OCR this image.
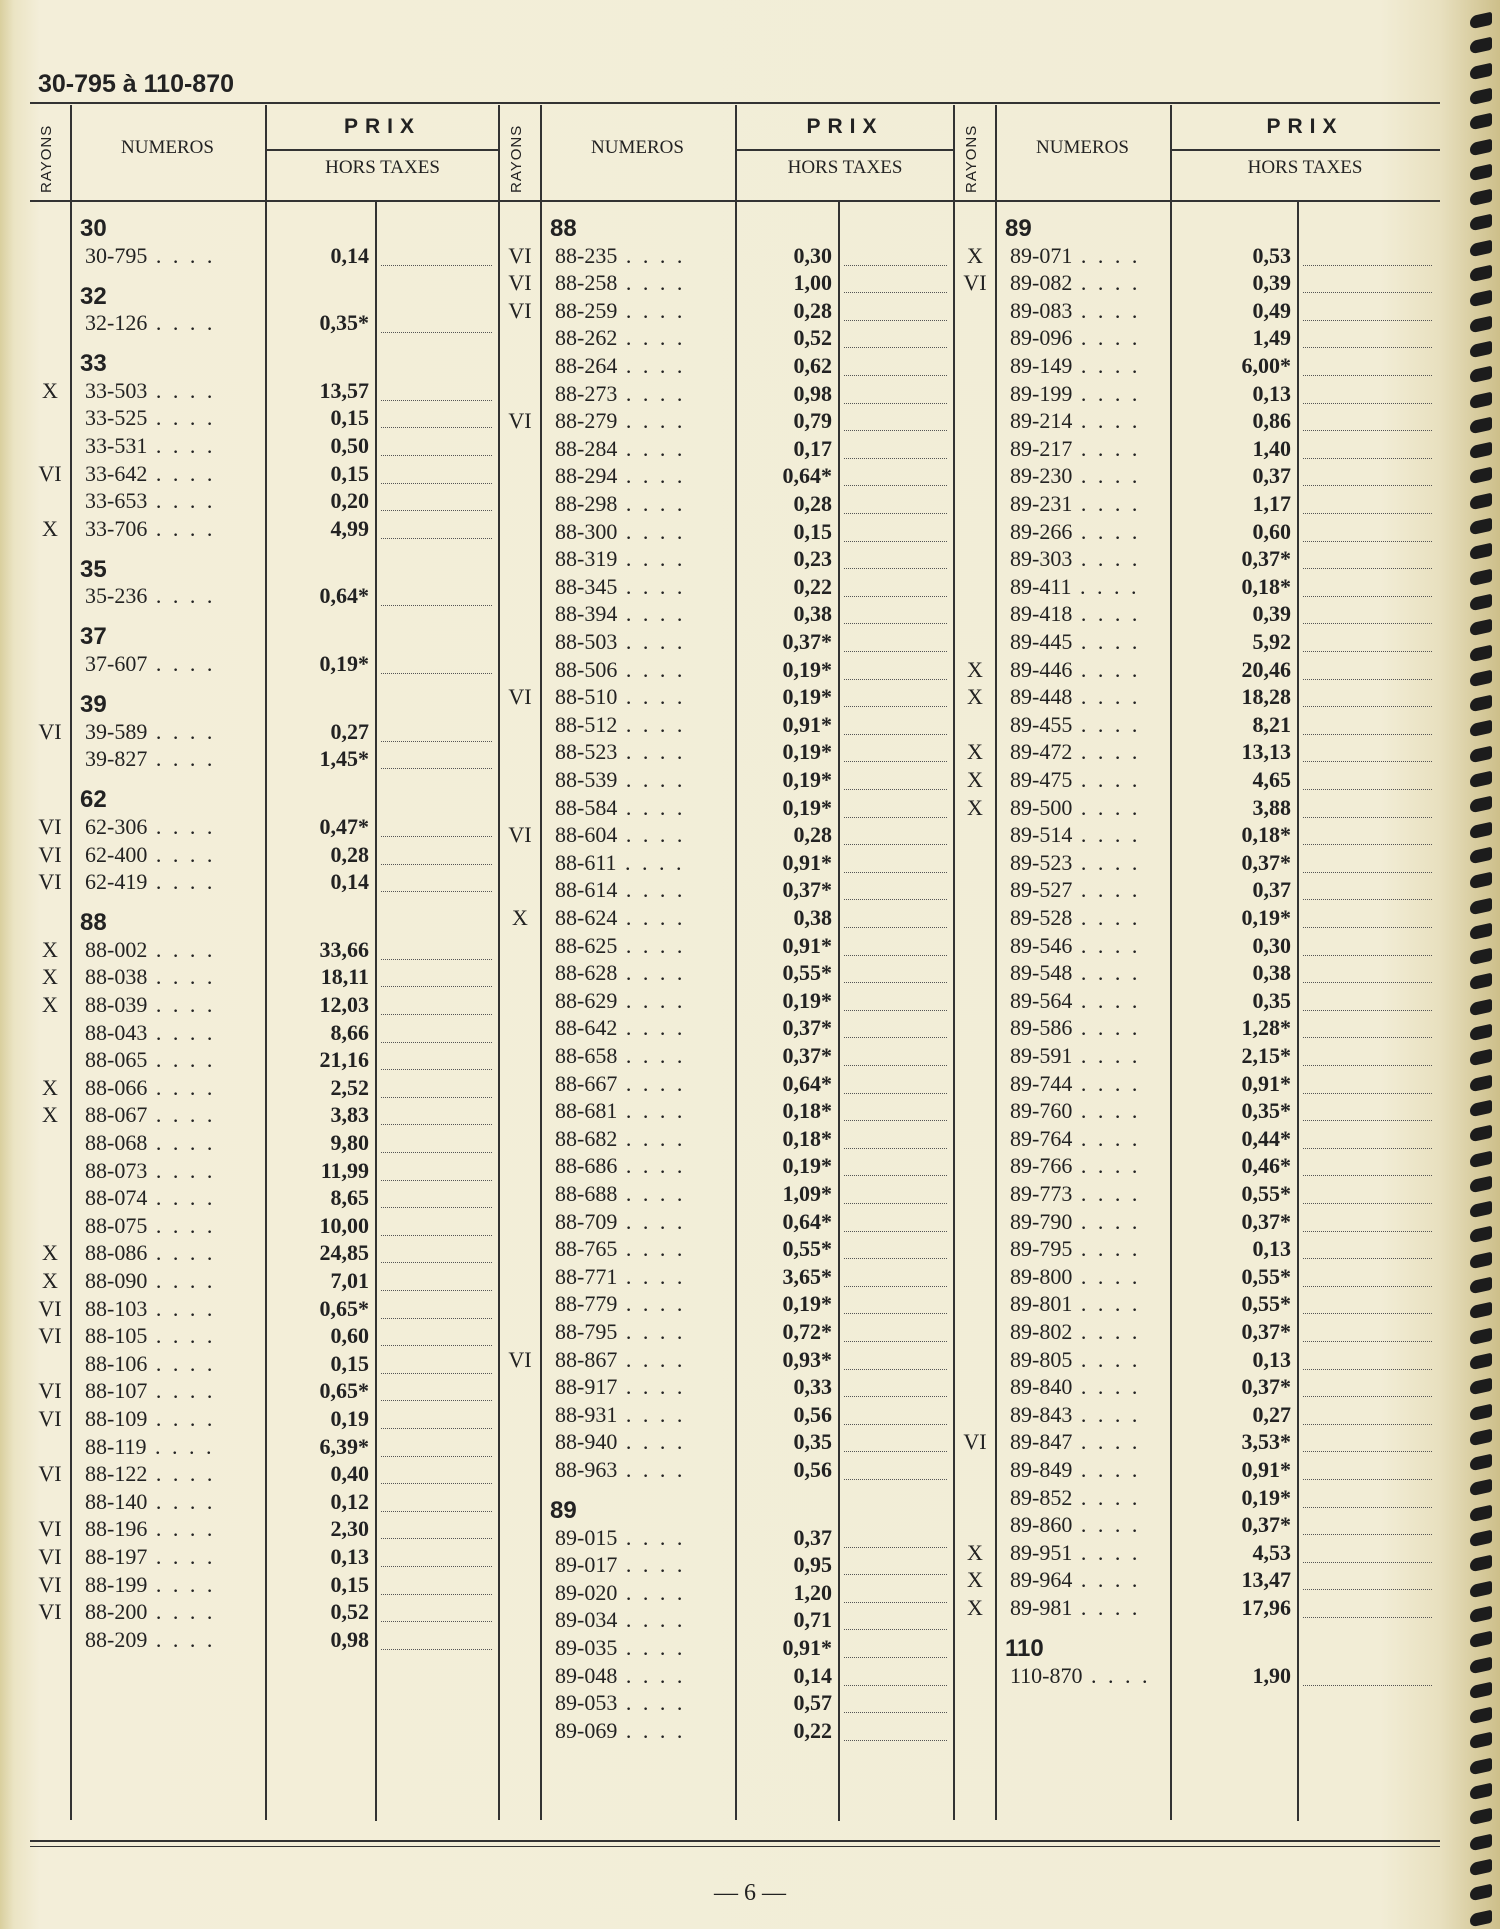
30-795 à 110-870
RAYONS	NUMEROS
PRIX
HORS TAXES
30
30-795 . . . .	0,14
32
32-126 . . . .	0,35*
33
X	33-503 . . . .	13,57
33-525 . . . .	0,15
33-531 . . . .	0,50
VI	33-642 . . . .	0,15
33-653 . . . .	0,20
X	33-706 . . . .	4,99
35
35-236 . . . .	0,64*
37
37-607 . . . .	0,19*
39
VI	39-589 . . . .	0,27
39-827 . . . .	1,45*
62
VI	62-306 . . . .	0,47*
VI	62-400 . . . .	0,28
VI	62-419 . . . .	0,14
88
X	88-002 . . . .	33,66
X	88-038 . . . .	18,11
X	88-039 . . . .	12,03
88-043 . . . .	8,66
88-065 . . . .	21,16
X	88-066 . . . .	2,52
X	88-067 . . . .	3,83
88-068 . . . .	9,80
88-073 . . . .	11,99
88-074 . . . .	8,65
88-075 . . . .	10,00
X	88-086 . . . .	24,85
X	88-090 . . . .	7,01
VI	88-103 . . . .	0,65*
VI	88-105 . . . .	0,60
88-106 . . . .	0,15
VI	88-107 . . . .	0,65*
VI	88-109 . . . .	0,19
88-119 . . . .	6,39*
VI	88-122 . . . .	0,40
88-140 . . . .	0,12
VI	88-196 . . . .	2,30
VI	88-197 . . . .	0,13
VI	88-199 . . . .	0,15
VI	88-200 . . . .	0,52
88-209 . . . .	0,98
RAYONS	NUMEROS
PRIX
HORS TAXES
88
VI	88-235 . . . .	0,30
VI	88-258 . . . .	1,00
VI	88-259 . . . .	0,28
88-262 . . . .	0,52
88-264 . . . .	0,62
88-273 . . . .	0,98
VI	88-279 . . . .	0,79
88-284 . . . .	0,17
88-294 . . . .	0,64*
88-298 . . . .	0,28
88-300 . . . .	0,15
88-319 . . . .	0,23
88-345 . . . .	0,22
88-394 . . . .	0,38
88-503 . . . .	0,37*
88-506 . . . .	0,19*
VI	88-510 . . . .	0,19*
88-512 . . . .	0,91*
88-523 . . . .	0,19*
88-539 . . . .	0,19*
88-584 . . . .	0,19*
VI	88-604 . . . .	0,28
88-611 . . . .	0,91*
88-614 . . . .	0,37*
X	88-624 . . . .	0,38
88-625 . . . .	0,91*
88-628 . . . .	0,55*
88-629 . . . .	0,19*
88-642 . . . .	0,37*
88-658 . . . .	0,37*
88-667 . . . .	0,64*
88-681 . . . .	0,18*
88-682 . . . .	0,18*
88-686 . . . .	0,19*
88-688 . . . .	1,09*
88-709 . . . .	0,64*
88-765 . . . .	0,55*
88-771 . . . .	3,65*
88-779 . . . .	0,19*
88-795 . . . .	0,72*
VI	88-867 . . . .	0,93*
88-917 . . . .	0,33
88-931 . . . .	0,56
88-940 . . . .	0,35
88-963 . . . .	0,56
89
89-015 . . . .	0,37
89-017 . . . .	0,95
89-020 . . . .	1,20
89-034 . . . .	0,71
89-035 . . . .	0,91*
89-048 . . . .	0,14
89-053 . . . .	0,57
89-069 . . . .	0,22
RAYONS	NUMEROS
PRIX
HORS TAXES
89
X	89-071 . . . .	0,53
VI	89-082 . . . .	0,39
89-083 . . . .	0,49
89-096 . . . .	1,49
89-149 . . . .	6,00*
89-199 . . . .	0,13
89-214 . . . .	0,86
89-217 . . . .	1,40
89-230 . . . .	0,37
89-231 . . . .	1,17
89-266 . . . .	0,60
89-303 . . . .	0,37*
89-411 . . . .	0,18*
89-418 . . . .	0,39
89-445 . . . .	5,92
X	89-446 . . . .	20,46
X	89-448 . . . .	18,28
89-455 . . . .	8,21
X	89-472 . . . .	13,13
X	89-475 . . . .	4,65
X	89-500 . . . .	3,88
89-514 . . . .	0,18*
89-523 . . . .	0,37*
89-527 . . . .	0,37
89-528 . . . .	0,19*
89-546 . . . .	0,30
89-548 . . . .	0,38
89-564 . . . .	0,35
89-586 . . . .	1,28*
89-591 . . . .	2,15*
89-744 . . . .	0,91*
89-760 . . . .	0,35*
89-764 . . . .	0,44*
89-766 . . . .	0,46*
89-773 . . . .	0,55*
89-790 . . . .	0,37*
89-795 . . . .	0,13
89-800 . . . .	0,55*
89-801 . . . .	0,55*
89-802 . . . .	0,37*
89-805 . . . .	0,13
89-840 . . . .	0,37*
89-843 . . . .	0,27
VI	89-847 . . . .	3,53*
89-849 . . . .	0,91*
89-852 . . . .	0,19*
89-860 . . . .	0,37*
X	89-951 . . . .	4,53
X	89-964 . . . .	13,47
X	89-981 . . . .	17,96
110
110-870 . . . .	1,90
— 6 —
